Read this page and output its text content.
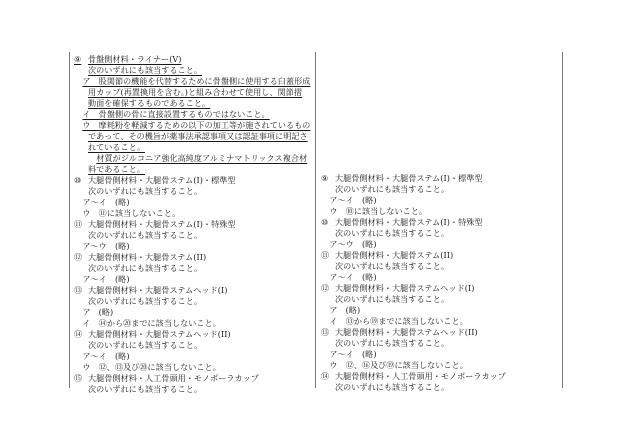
⑨ 骨盤側材料・ライナー(V)
次のいずれにも該当すること。
ア　股関節の機能を代替するために骨盤側に使用する臼蓋形成
用カップ(再置換用を含む。)と組み合わせて使用し、関節摺
動面を確保するものであること。
イ　骨盤側の骨に直接設置するものではないこと。
ウ　摩耗粉を軽減するための以下の加工等が施されているもの
であって、その機旨が薬事法承認事項又は認証事項に明記さ
れていること。
材質がジルコニア強化高純度アルミナマトリックス複合材
料であること。
⑩ 大腿骨側材料・大腿骨ステム(I)・標準型
次のいずれにも該当すること。
ア〜イ　(略)
ウ　⑪に該当しないこと。
⑪ 大腿骨側材料・大腿骨ステム(I)・特殊型
次のいずれにも該当すること。
ア〜ウ　(略)
⑫ 大腿骨側材料・大腿骨ステム(II)
次のいずれにも該当すること。
ア〜イ　(略)
⑬ 大腿骨側材料・大腿骨ステムヘッド(I)
次のいずれにも該当すること。
ア　(略)
イ　⑭から⑳までに該当しないこと。
⑭ 大腿骨側材料・大腿骨ステムヘッド(II)
次のいずれにも該当すること。
ア〜イ　(略)
ウ　⑫、⑬及び⑳に該当しないこと。
⑮ 大腿骨側材料・人工骨頭用・モノポーラカップ
次のいずれにも該当すること。
⑨ 大腿骨側材料・大腿骨ステム(I)・標準型
次のいずれにも該当すること。
ア〜イ　(略)
ウ　⑩に該当しないこと。
⑩ 大腿骨側材料・大腿骨ステム(I)・特殊型
次のいずれにも該当すること。
ア〜ウ　(略)
⑪ 大腿骨側材料・大腿骨ステム(II)
次のいずれにも該当すること。
ア〜イ　(略)
⑫ 大腿骨側材料・大腿骨ステムヘッド(I)
次のいずれにも該当すること。
ア　(略)
イ　⑬から⑲までに該当しないこと。
⑬ 大腿骨側材料・大腿骨ステムヘッド(II)
次のいずれにも該当すること。
ア〜イ　(略)
ウ　⑫、⑯及び⑲に該当しないこと。
⑭ 大腿骨側材料・人工骨頭用・モノポーラカップ
次のいずれにも該当すること。
